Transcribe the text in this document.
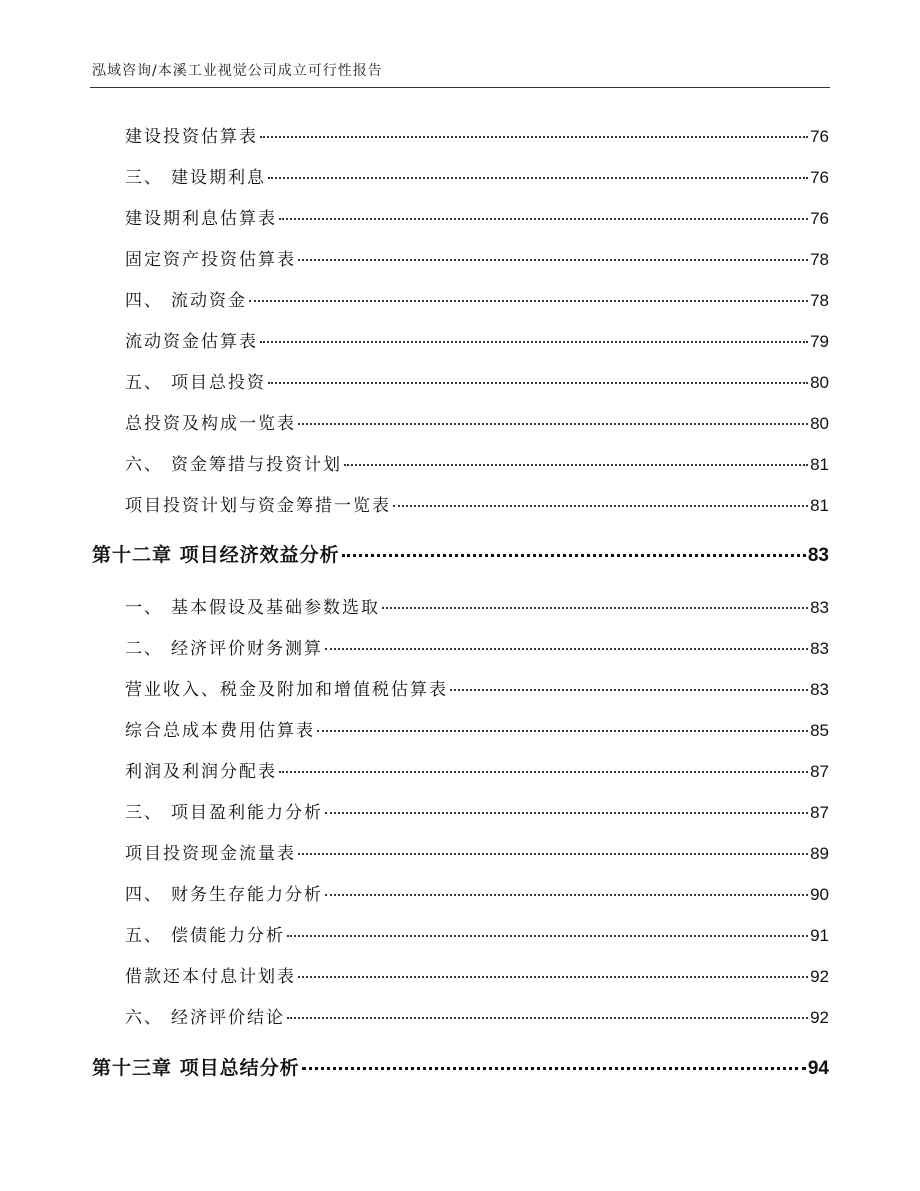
泓域咨询/本溪工业视觉公司成立可行性报告
建设投资估算表	76
三、 建设期利息	76
建设期利息估算表	76
固定资产投资估算表	78
四、 流动资金	78
流动资金估算表	79
五、 项目总投资	80
总投资及构成一览表	80
六、 资金筹措与投资计划	81
项目投资计划与资金筹措一览表	81
第十二章 项目经济效益分析	83
一、 基本假设及基础参数选取	83
二、 经济评价财务测算	83
营业收入、税金及附加和增值税估算表	83
综合总成本费用估算表	85
利润及利润分配表	87
三、 项目盈利能力分析	87
项目投资现金流量表	89
四、 财务生存能力分析	90
五、 偿债能力分析	91
借款还本付息计划表	92
六、 经济评价结论	92
第十三章 项目总结分析	94
